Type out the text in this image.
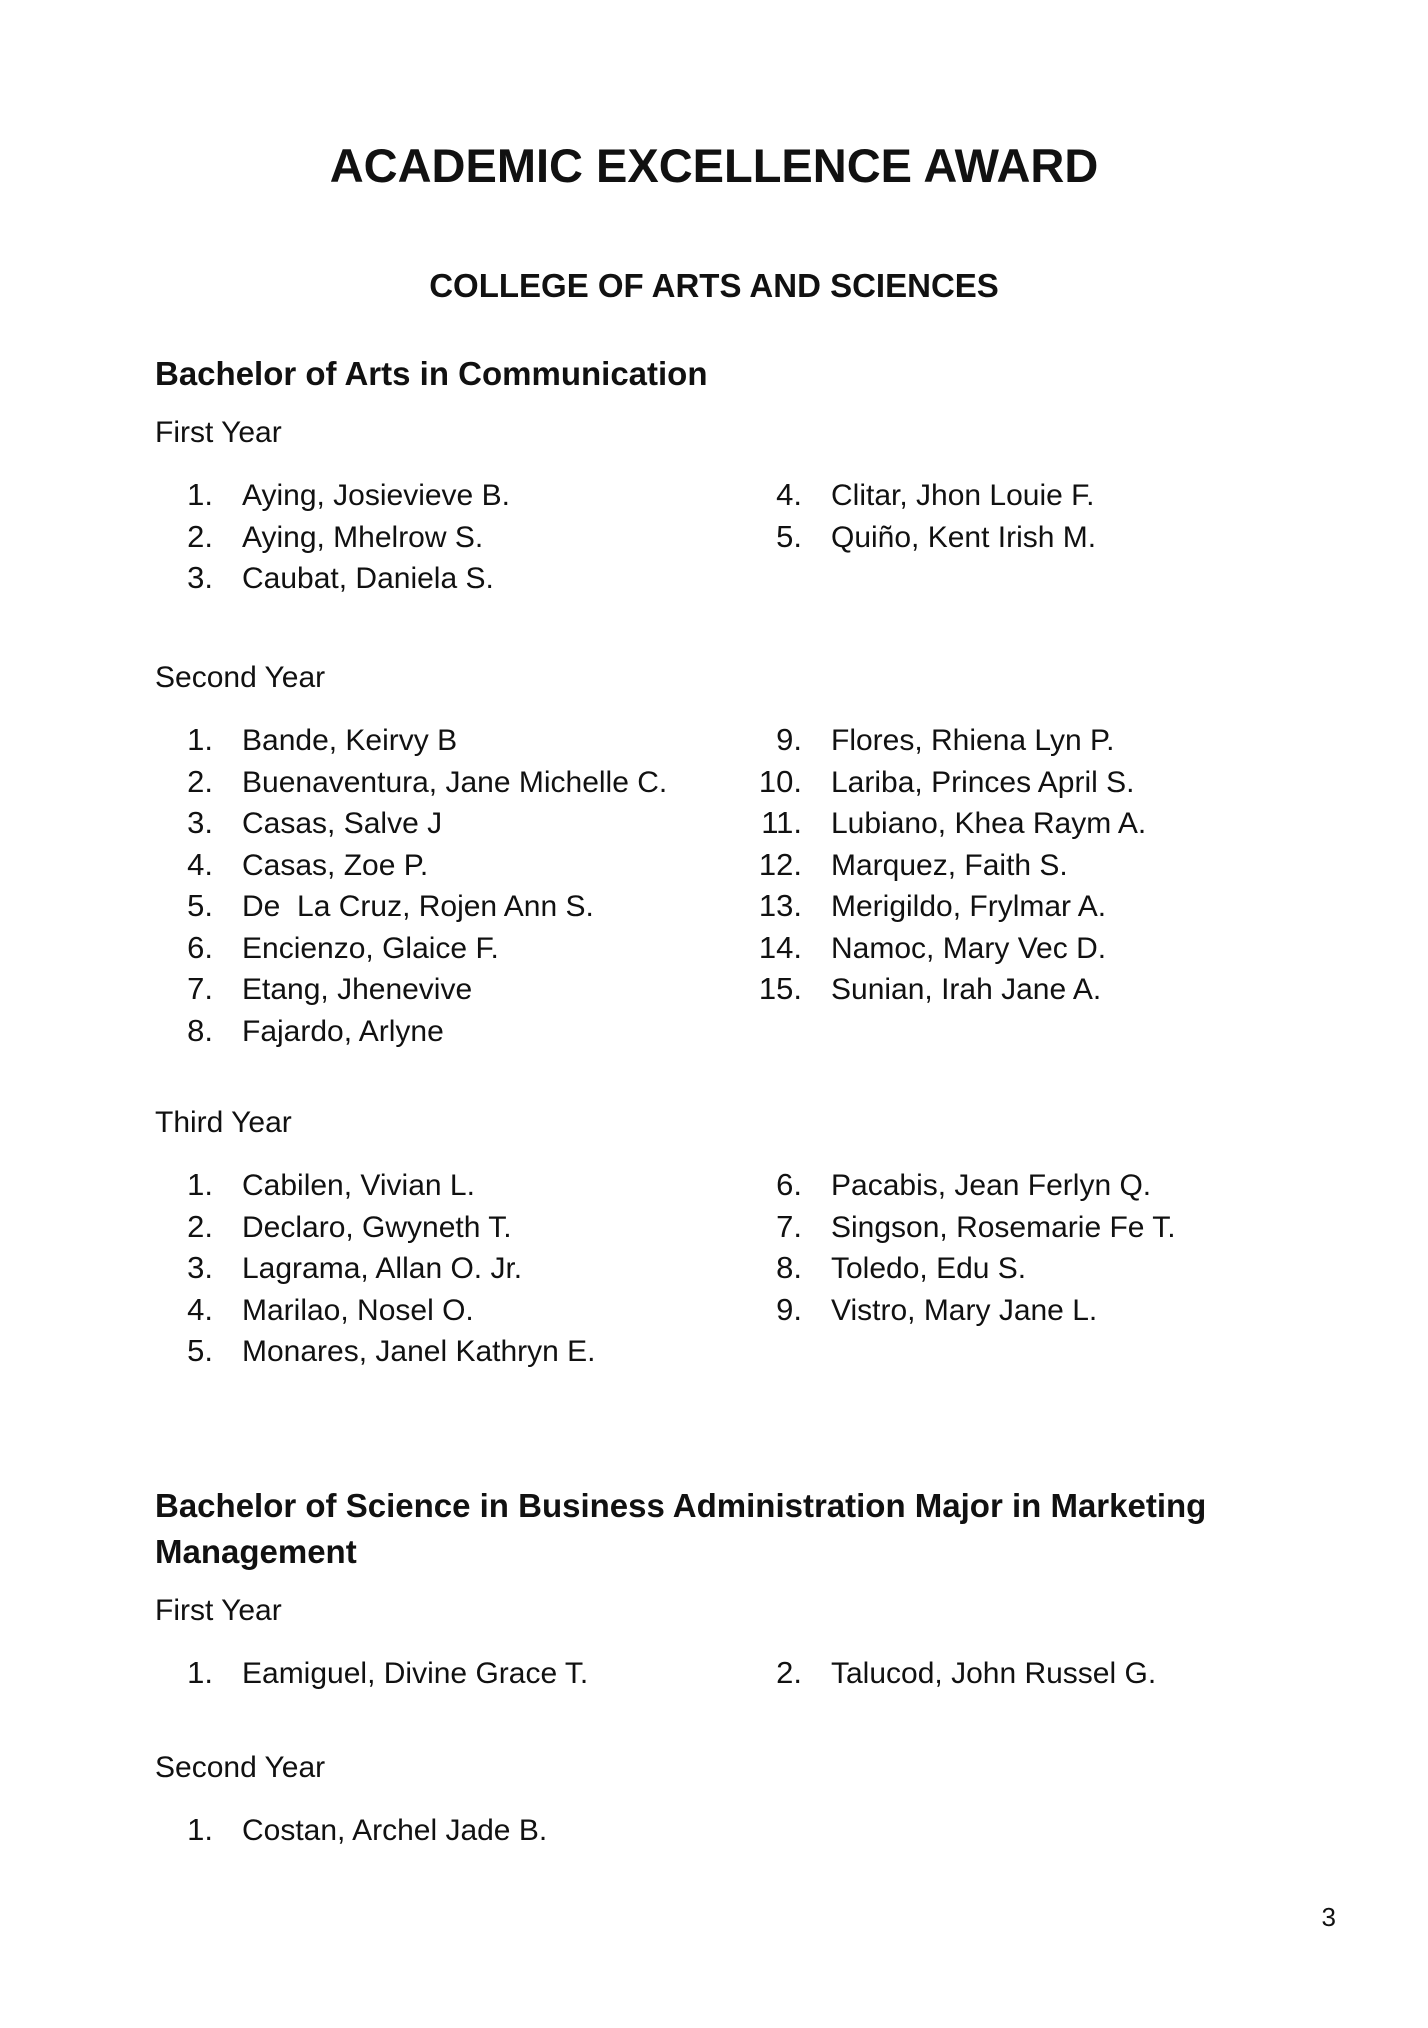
ACADEMIC EXCELLENCE AWARD
COLLEGE OF ARTS AND SCIENCES
Bachelor of Arts in Communication
First Year
1. Aying, Josievieve B.
2. Aying, Mhelrow S.
3. Caubat, Daniela S.
4. Clitar, Jhon Louie F.
5. Quiño, Kent Irish M.
Second Year
1. Bande, Keirvy B
2. Buenaventura, Jane Michelle C.
3. Casas, Salve J
4. Casas, Zoe P.
5. De  La Cruz, Rojen Ann S.
6. Encienzo, Glaice F.
7. Etang, Jhenevive
8. Fajardo, Arlyne
9. Flores, Rhiena Lyn P.
10. Lariba, Princes April S.
11. Lubiano, Khea Raym A.
12. Marquez, Faith S.
13. Merigildo, Frylmar A.
14. Namoc, Mary Vec D.
15. Sunian, Irah Jane A.
Third Year
1. Cabilen, Vivian L.
2. Declaro, Gwyneth T.
3. Lagrama, Allan O. Jr.
4. Marilao, Nosel O.
5. Monares, Janel Kathryn E.
6. Pacabis, Jean Ferlyn Q.
7. Singson, Rosemarie Fe T.
8. Toledo, Edu S.
9. Vistro, Mary Jane L.
Bachelor of Science in Business Administration Major in Marketing
Management
First Year
1. Eamiguel, Divine Grace T.	2. Talucod, John Russel G.
Second Year
1. Costan, Archel Jade B.
3
